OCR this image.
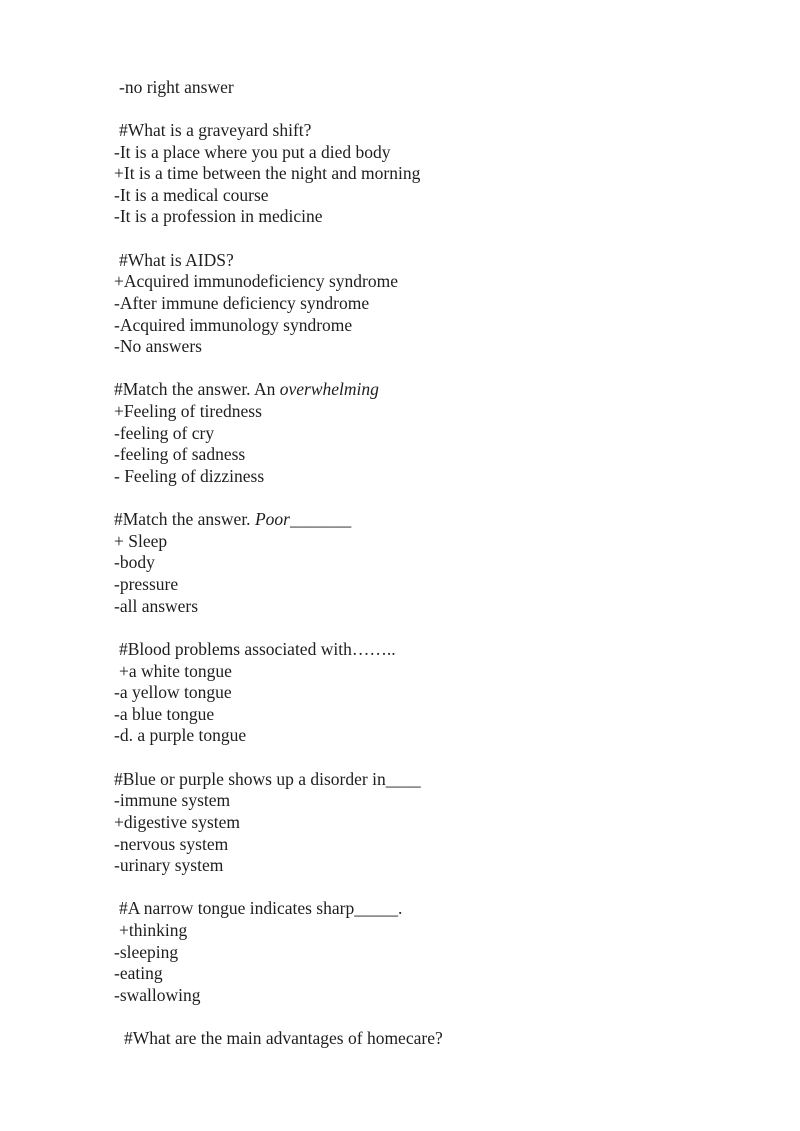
-no right answer
#What is a graveyard shift?
-It is a place where you put a died body
+It is a time between the night and morning
-It is a medical course
-It is a profession in medicine
#What is AIDS?
+Acquired immunodeficiency syndrome
-After immune deficiency syndrome
-Acquired immunology syndrome
-No answers
#Match the answer. An overwhelming
+Feeling of tiredness
-feeling of cry
-feeling of sadness
- Feeling of dizziness
#Match the answer. Poor_______
+ Sleep
-body
-pressure
-all answers
#Blood problems associated with……..
+a white tongue
-a yellow tongue
-a blue tongue
-d. a purple tongue
#Blue or purple shows up a disorder in____
-immune system
+digestive system
-nervous system
-urinary system
#A narrow tongue indicates sharp_____.
+thinking
-sleeping
-eating
-swallowing
#What are the main advantages of homecare?
